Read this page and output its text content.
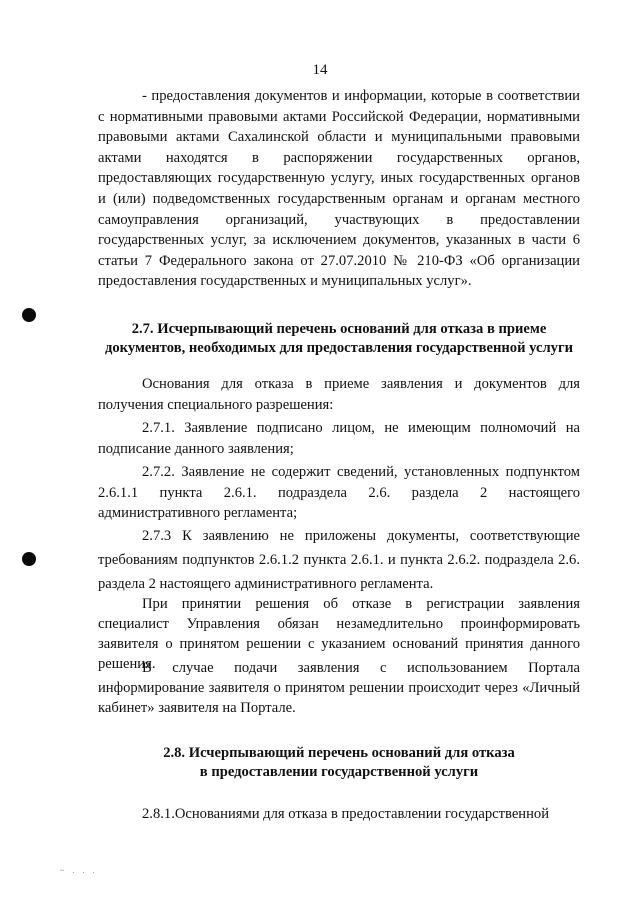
14
- предоставления документов и информации, которые в соответствии с нормативными правовыми актами Российской Федерации, нормативными правовыми актами Сахалинской области и муниципальными правовыми актами находятся в распоряжении государственных органов, предоставляющих государственную услугу, иных государственных органов и (или) подведомственных государственным органам и органам местного самоуправления организаций, участвующих в предоставлении государственных услуг, за исключением документов, указанных в части 6 статьи 7 Федерального закона от 27.07.2010 № 210-ФЗ «Об организации предоставления государственных и муниципальных услуг».
2.7. Исчерпывающий перечень оснований для отказа в приеме документов, необходимых для предоставления государственной услуги
Основания для отказа в приеме заявления и документов для получения специального разрешения:
2.7.1. Заявление подписано лицом, не имеющим полномочий на подписание данного заявления;
2.7.2. Заявление не содержит сведений, установленных подпунктом 2.6.1.1 пункта 2.6.1. подраздела 2.6. раздела 2 настоящего административного регламента;
2.7.3 К заявлению не приложены документы, соответствующие требованиям подпунктов 2.6.1.2 пункта 2.6.1. и пункта 2.6.2. подраздела 2.6. раздела 2 настоящего административного регламента.
При принятии решения об отказе в регистрации заявления специалист Управления обязан незамедлительно проинформировать заявителя о принятом решении с указанием оснований принятия данного решения.
В случае подачи заявления с использованием Портала информирование заявителя о принятом решении происходит через «Личный кабинет» заявителя на Портале.
2.8. Исчерпывающий перечень оснований для отказа
в предоставлении государственной услуги
2.8.1.Основаниями для отказа в предоставлении государственной
~ . . .
